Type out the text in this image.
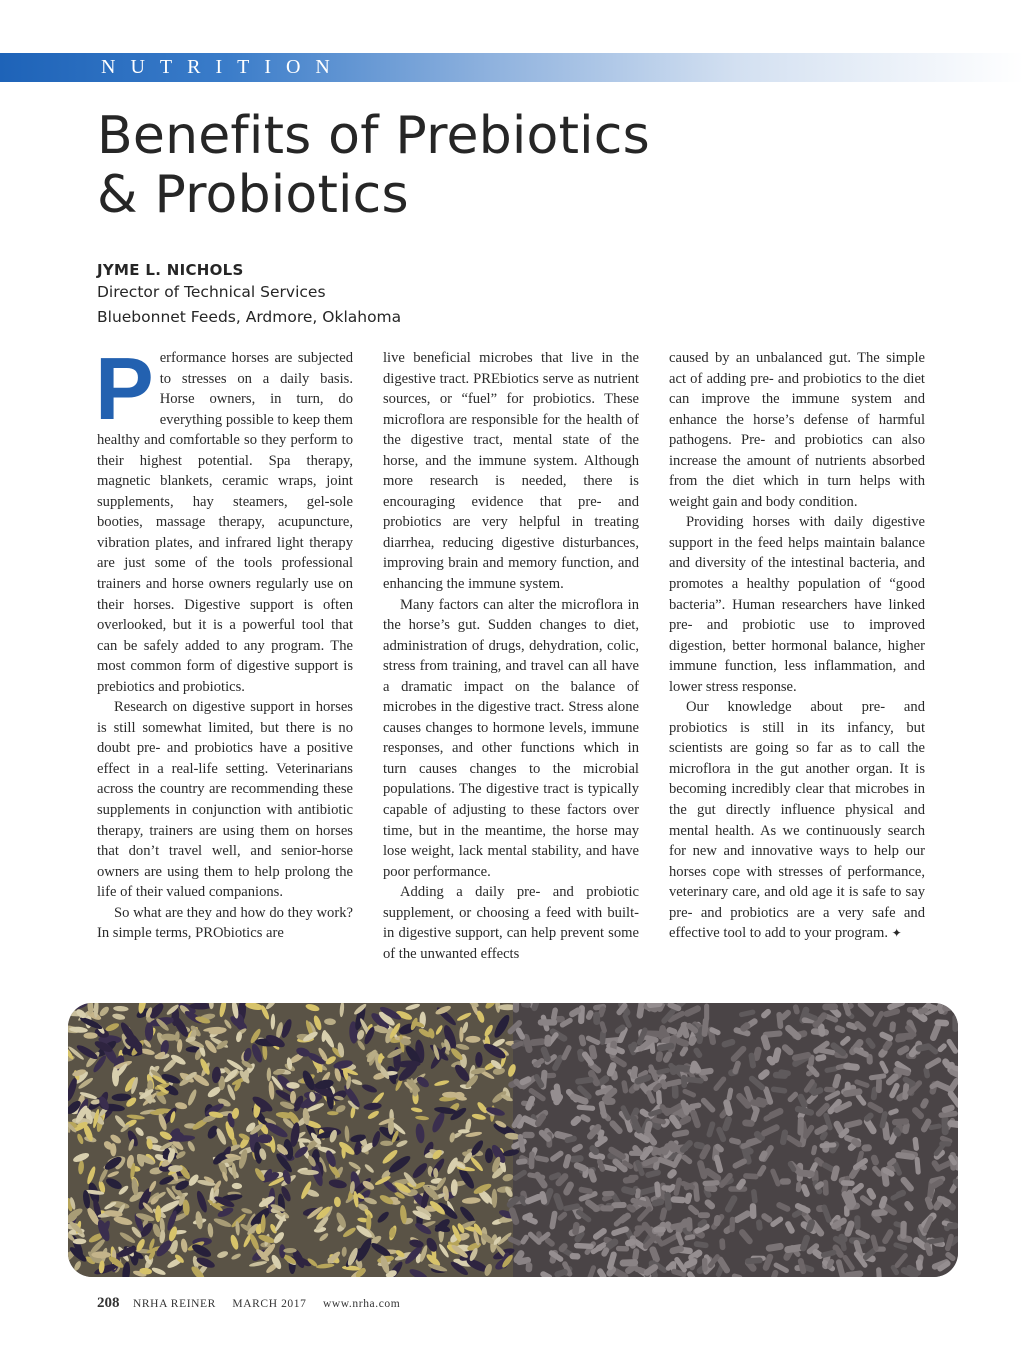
NUTRITION
Benefits of Prebiotics
& Probiotics
JYME L. NICHOLS
Director of Technical Services
Bluebonnet Feeds, Ardmore, Oklahoma
P erformance horses are subjected to stresses on a daily basis. Horse owners, in turn, do everything possible to keep them healthy and comfortable so they perform to their highest potential. Spa therapy, magnetic blankets, ceramic wraps, joint supplements, hay steamers, gel-sole booties, massage therapy, acupuncture, vibration plates, and infrared light therapy are just some of the tools professional trainers and horse owners regularly use on their horses. Digestive support is often overlooked, but it is a powerful tool that can be safely added to any program. The most common form of digestive support is prebiotics and probiotics.

Research on digestive support in horses is still somewhat limited, but there is no doubt pre- and probiotics have a positive effect in a real-life setting. Veterinarians across the country are recommending these supplements in conjunction with antibiotic therapy, trainers are using them on horses that don’t travel well, and senior-horse owners are using them to help prolong the life of their valued companions.

So what are they and how do they work? In simple terms, PRObiotics are

live beneficial microbes that live in the digestive tract. PREbiotics serve as nutrient sources, or “fuel” for probiotics. These microflora are responsible for the health of the digestive tract, mental state of the horse, and the immune system. Although more research is needed, there is encouraging evidence that pre- and probiotics are very helpful in treating diarrhea, reducing digestive disturbances, improving brain and memory function, and enhancing the immune system.

Many factors can alter the microflora in the horse’s gut. Sudden changes to diet, administration of drugs, dehydration, colic, stress from training, and travel can all have a dramatic impact on the balance of microbes in the digestive tract. Stress alone causes changes to hormone levels, immune responses, and other functions which in turn causes changes to the microbial populations. The digestive tract is typically capable of adjusting to these factors over time, but in the meantime, the horse may lose weight, lack mental stability, and have poor performance.

Adding a daily pre- and probiotic supplement, or choosing a feed with built-in digestive support, can help prevent some of the unwanted effects

caused by an unbalanced gut. The simple act of adding pre- and probiotics to the diet can improve the immune system and enhance the horse’s defense of harmful pathogens. Pre- and probiotics can also increase the amount of nutrients absorbed from the diet which in turn helps with weight gain and body condition.

Providing horses with daily digestive support in the feed helps maintain balance and diversity of the intestinal bacteria, and promotes a healthy population of “good bacteria”. Human researchers have linked pre- and probiotic use to improved digestion, better hormonal balance, higher immune function, less inflammation, and lower stress response.

Our knowledge about pre- and probiotics is still in its infancy, but scientists are going so far as to call the microflora in the gut another organ. It is becoming incredibly clear that microbes in the gut directly influence physical and mental health. As we continuously search for new and innovative ways to help our horses cope with stresses of performance, veterinary care, and old age it is safe to say pre- and probiotics are a very safe and effective tool to add to your program. ✦

208 NRHA REINER MARCH 2017 www.nrha.com
